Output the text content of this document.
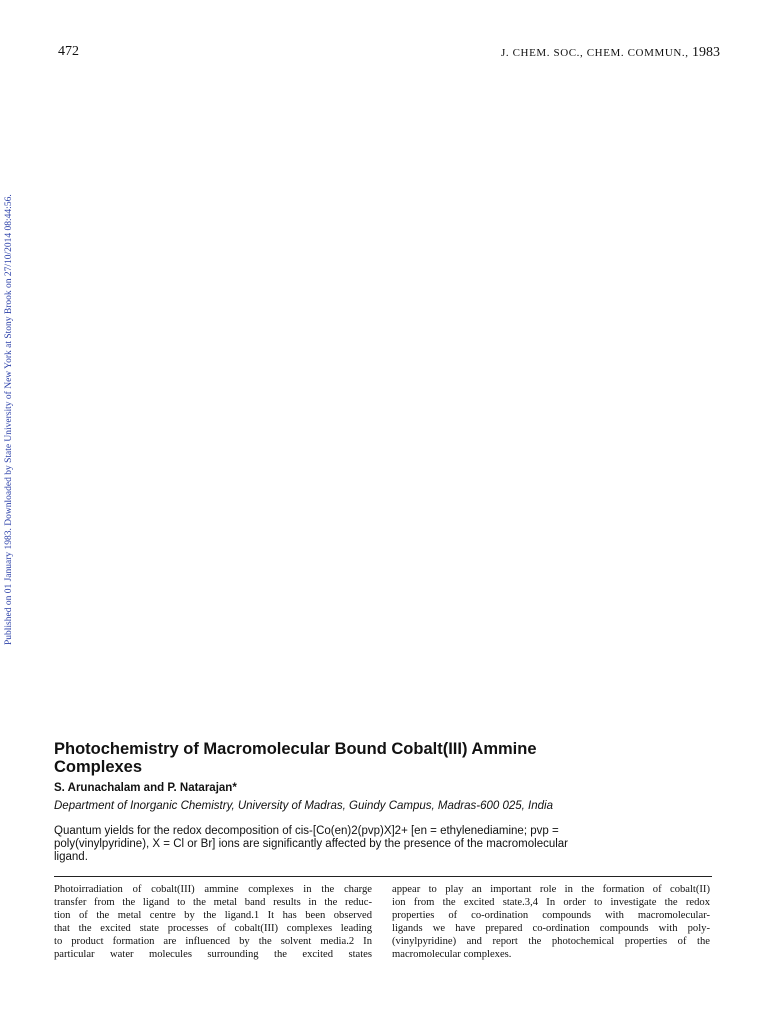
472	J. CHEM. SOC., CHEM. COMMUN., 1983
Published on 01 January 1983. Downloaded by State University of New York at Stony Brook on 27/10/2014 08:44:56.
Photochemistry of Macromolecular Bound Cobalt(III) Ammine
Complexes
S. Arunachalam and P. Natarajan*
Department of Inorganic Chemistry, University of Madras, Guindy Campus, Madras-600 025, India
Quantum yields for the redox decomposition of cis-[Co(en)2(pvp)X]2+ [en = ethylenediamine; pvp =
poly(vinylpyridine), X = Cl or Br] ions are significantly affected by the presence of the macromolecular
ligand.
Photoirradiation of cobalt(III) ammine complexes in the charge
transfer from the ligand to the metal band results in the reduc-
tion of the metal centre by the ligand.1 It has been observed
that the excited state processes of cobalt(III) complexes leading
to product formation are influenced by the solvent media.2 In
particular water molecules surrounding the excited states
appear to play an important role in the formation of cobalt(II)
ion from the excited state.3,4 In order to investigate the redox
properties of co-ordination compounds with macromolecular-
ligands we have prepared co-ordination compounds with poly-
(vinylpyridine) and report the photochemical properties of the
macromolecular complexes.
